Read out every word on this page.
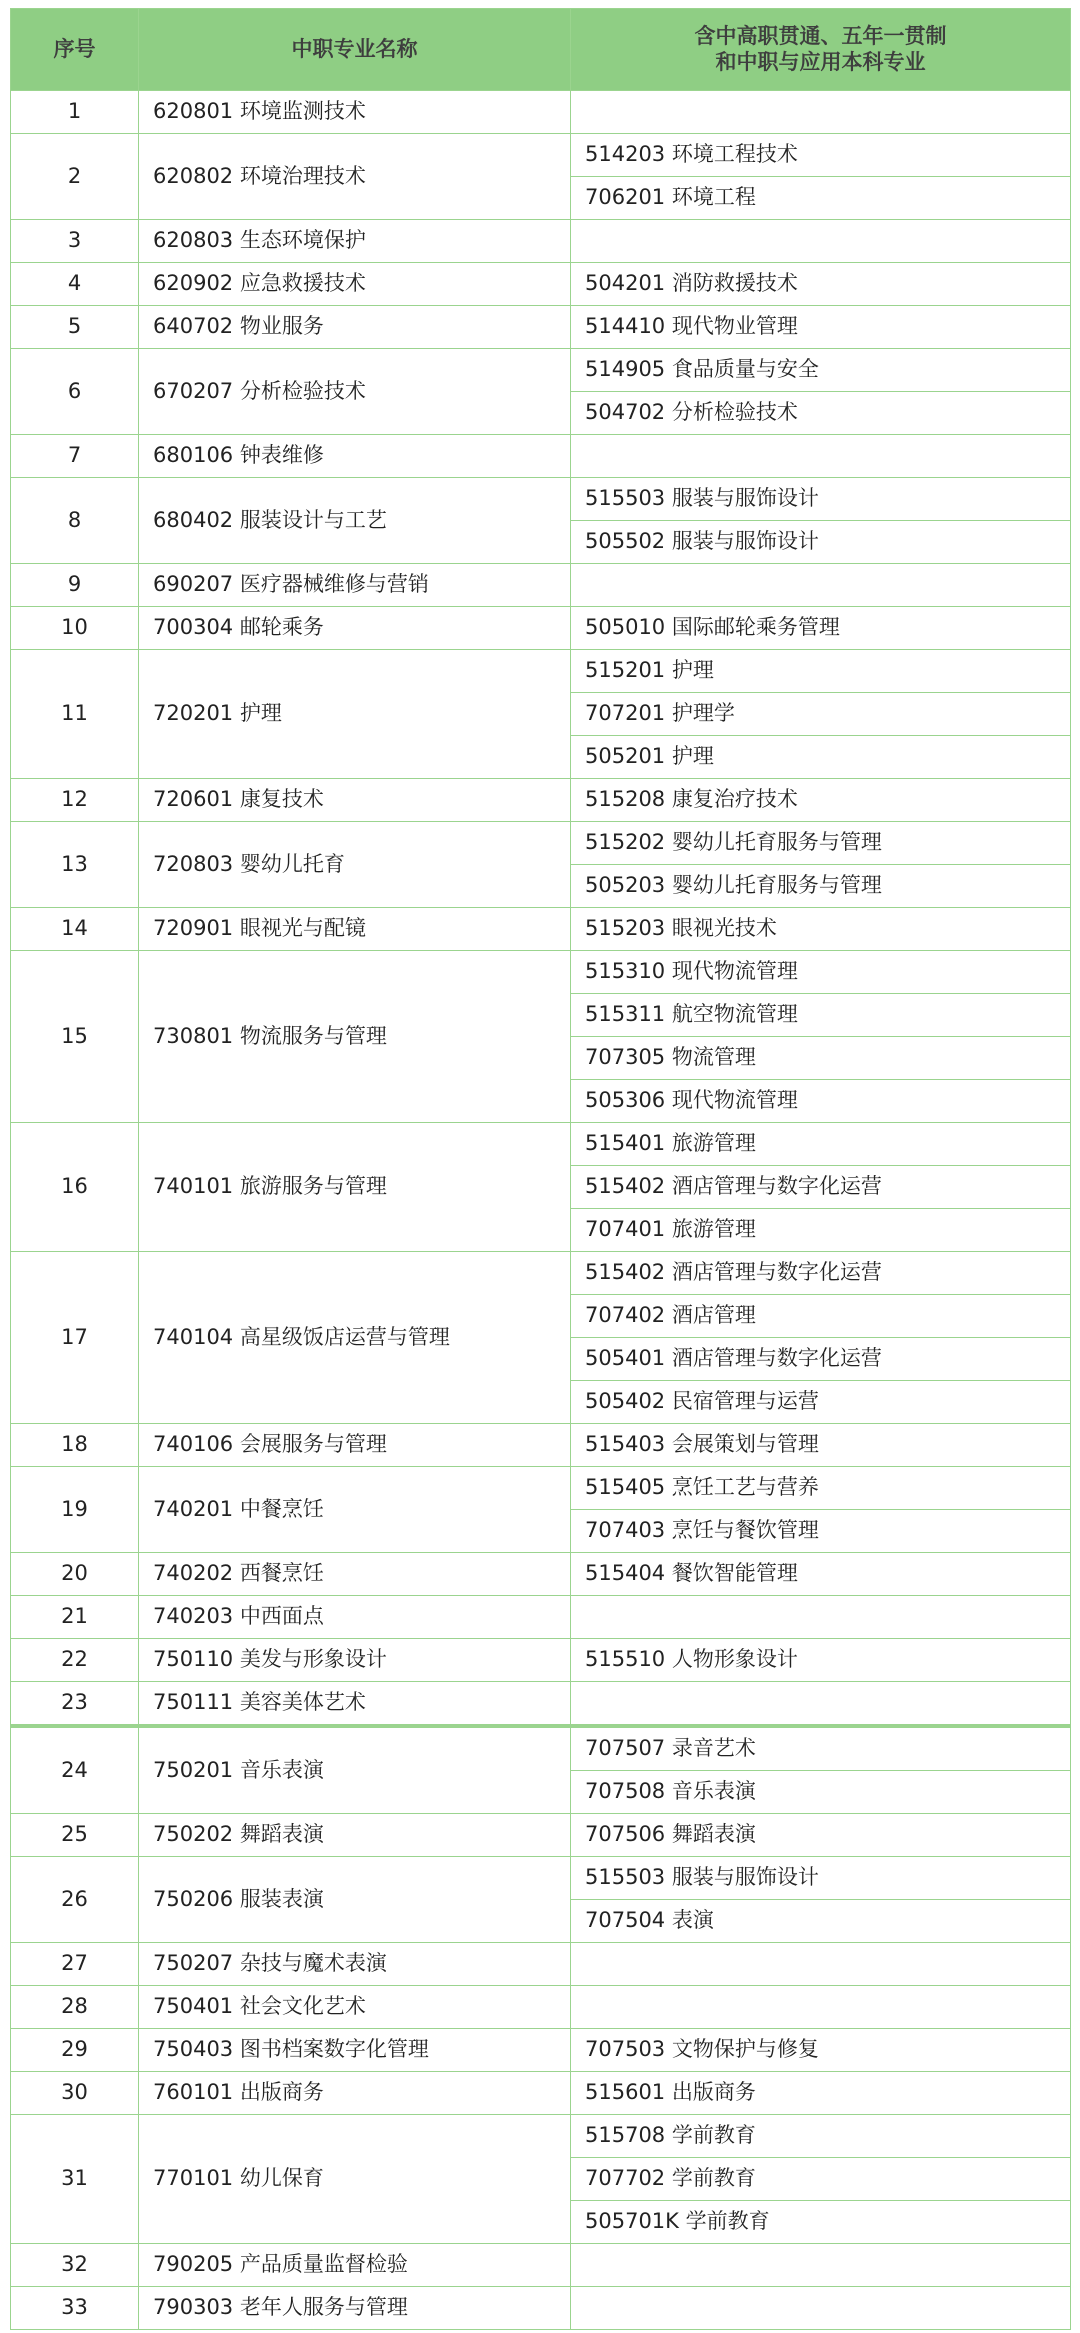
序号	中职专业名称	含中高职贯通、五年一贯制
和中职与应用本科专业

1	620801 环境监测技术	
2	620802 环境治理技术	514203 环境工程技术
		706201 环境工程
3	620803 生态环境保护	
4	620902 应急救援技术	504201 消防救援技术
5	640702 物业服务	514410 现代物业管理
6	670207 分析检验技术	514905 食品质量与安全
		504702 分析检验技术
7	680106 钟表维修	
8	680402 服装设计与工艺	515503 服装与服饰设计
		505502 服装与服饰设计
9	690207 医疗器械维修与营销	
10	700304 邮轮乘务	505010 国际邮轮乘务管理
11	720201 护理	515201 护理
		707201 护理学
		505201 护理
12	720601 康复技术	515208 康复治疗技术
13	720803 婴幼儿托育	515202 婴幼儿托育服务与管理
		505203 婴幼儿托育服务与管理
14	720901 眼视光与配镜	515203 眼视光技术
15	730801 物流服务与管理	515310 现代物流管理
		515311 航空物流管理
		707305 物流管理
		505306 现代物流管理
16	740101 旅游服务与管理	515401 旅游管理
		515402 酒店管理与数字化运营
		707401 旅游管理
17	740104 高星级饭店运营与管理	515402 酒店管理与数字化运营
		707402 酒店管理
		505401 酒店管理与数字化运营
		505402 民宿管理与运营
18	740106 会展服务与管理	515403 会展策划与管理
19	740201 中餐烹饪	515405 烹饪工艺与营养
		707403 烹饪与餐饮管理
20	740202 西餐烹饪	515404 餐饮智能管理
21	740203 中西面点	
22	750110 美发与形象设计	515510 人物形象设计
23	750111 美容美体艺术	
24	750201 音乐表演	707507 录音艺术
		707508 音乐表演
25	750202 舞蹈表演	707506 舞蹈表演
26	750206 服装表演	515503 服装与服饰设计
		707504 表演
27	750207 杂技与魔术表演	
28	750401 社会文化艺术	
29	750403 图书档案数字化管理	707503 文物保护与修复
30	760101 出版商务	515601 出版商务
31	770101 幼儿保育	515708 学前教育
		707702 学前教育
		505701K 学前教育
32	790205 产品质量监督检验	
33	790303 老年人服务与管理	
